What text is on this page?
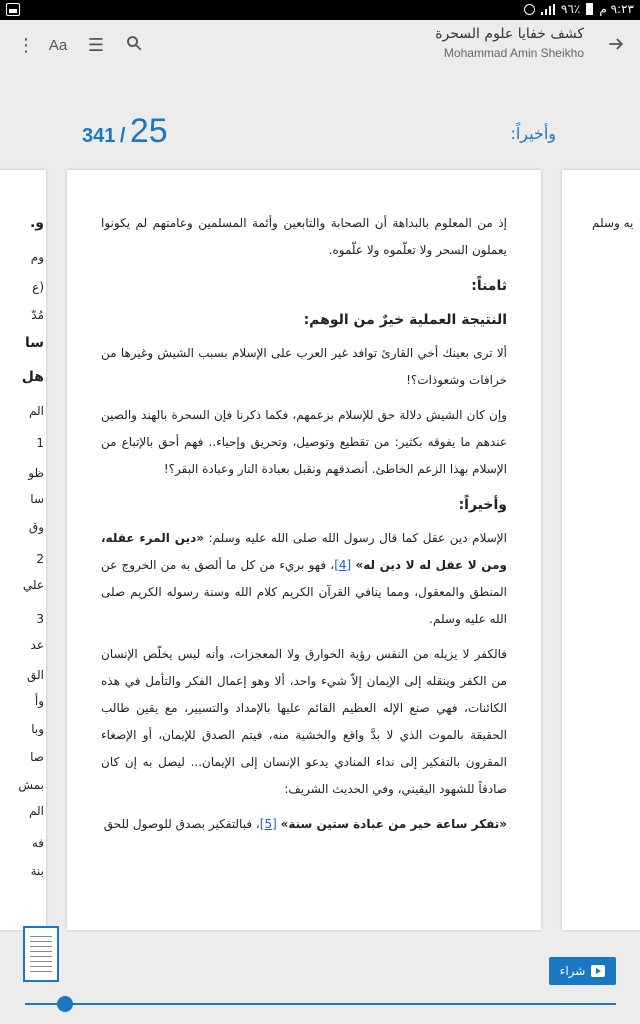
٩٦٪ ٩:٢٣ م
⋮ Aa ☰
كشف خفايا علوم السحرة
Mohammad Amin Sheikho
341 / 25	وأخيراً:
و.
وم
(ع
مُدّ
سا
هل
الم
1
ظو
سا
وق
2
علي
3
عد
الق
وأ
وبا
صا
بمش
الم
فه
بنة

إذ من المعلوم بالبداهة أن الصحابة والتابعين وأئمة المسلمين وعامتهم لم يكونوا يعملون السحر ولا تعلّموه ولا علّموه.

ثامناً:
النتيجة العملية خيرٌ من الوهم:

ألا ترى بعينك أخي القارئ توافد غير العرب على الإسلام بسبب الشيش وغيرها من خرافات وشعوذات؟!

وإن كان الشيش دلالة حق للإسلام بزعمهم، فكما ذكرنا فإن السحرة بالهند والصين عندهم ما يفوقه بكثير: من تقطيع وتوصيل، وتحريق وإحياء.. فهم أحق بالإتباع من الإسلام بهذا الزعم الخاطئ. أنصدقهم ونقبل بعبادة النار وعبادة البقر؟!

وأخيراً:

الإسلام دين عقل كما قال رسول الله صلى الله عليه وسلم: «دين المرء عقله، ومن لا عقل له لا دين له» [4]، فهو بريء من كل ما ألصق به من الخروج عن المنطق والمعقول، ومما ينافي القرآن الكريم كلام الله وسنة رسوله الكريم صلى الله عليه وسلم.

فالكفر لا يزيله من النفس رؤية الخوارق ولا المعجزات، وأنه ليس يخلّص الإنسان من الكفر وينقله إلى الإيمان إلاّ شيء واحد، ألا وهو إعمال الفكر والتأمل في هذه الكائنات، فهي صنع الإله العظيم القائم عليها بالإمداد والتسيير، مع يقين طالب الحقيقة بالموت الذي لا بدَّ واقع والخشية منه، فيتم الصدق للإيمان، أو الإصغاء المقرون بالتفكير إلى نداء المنادي يدعو الإنسان إلى الإيمان... ليصل به إن كان صادقاً للشهود اليقيني، وفي الحديث الشريف:

«تفكر ساعة خير من عبادة ستين سنة» [5]، فبالتفكير بصدق للوصول للحق

يه وسلم
شراء
